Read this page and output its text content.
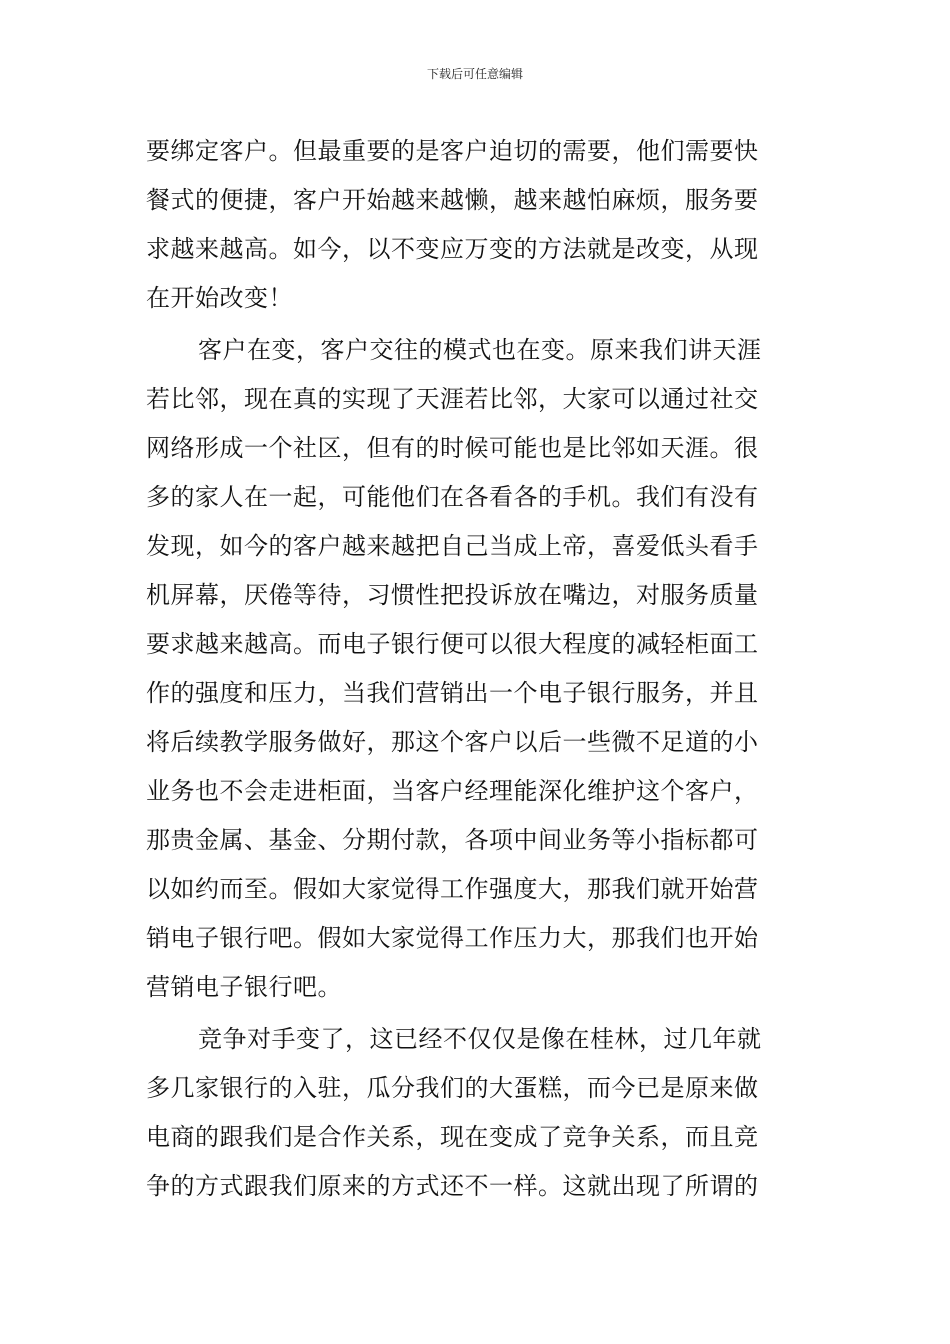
下载后可任意编辑
要绑定客户。但最重要的是客户迫切的需要，他们需要快
餐式的便捷，客户开始越来越懒，越来越怕麻烦，服务要
求越来越高。如今，以不变应万变的方法就是改变，从现
在开始改变！
客户在变，客户交往的模式也在变。原来我们讲天涯
若比邻，现在真的实现了天涯若比邻，大家可以通过社交
网络形成一个社区，但有的时候可能也是比邻如天涯。很
多的家人在一起，可能他们在各看各的手机。我们有没有
发现，如今的客户越来越把自己当成上帝，喜爱低头看手
机屏幕，厌倦等待，习惯性把投诉放在嘴边，对服务质量
要求越来越高。而电子银行便可以很大程度的减轻柜面工
作的强度和压力，当我们营销出一个电子银行服务，并且
将后续教学服务做好，那这个客户以后一些微不足道的小
业务也不会走进柜面，当客户经理能深化维护这个客户，
那贵金属、基金、分期付款，各项中间业务等小指标都可
以如约而至。假如大家觉得工作强度大，那我们就开始营
销电子银行吧。假如大家觉得工作压力大，那我们也开始
营销电子银行吧。
竞争对手变了，这已经不仅仅是像在桂林，过几年就
多几家银行的入驻，瓜分我们的大蛋糕，而今已是原来做
电商的跟我们是合作关系，现在变成了竞争关系，而且竞
争的方式跟我们原来的方式还不一样。这就出现了所谓的
